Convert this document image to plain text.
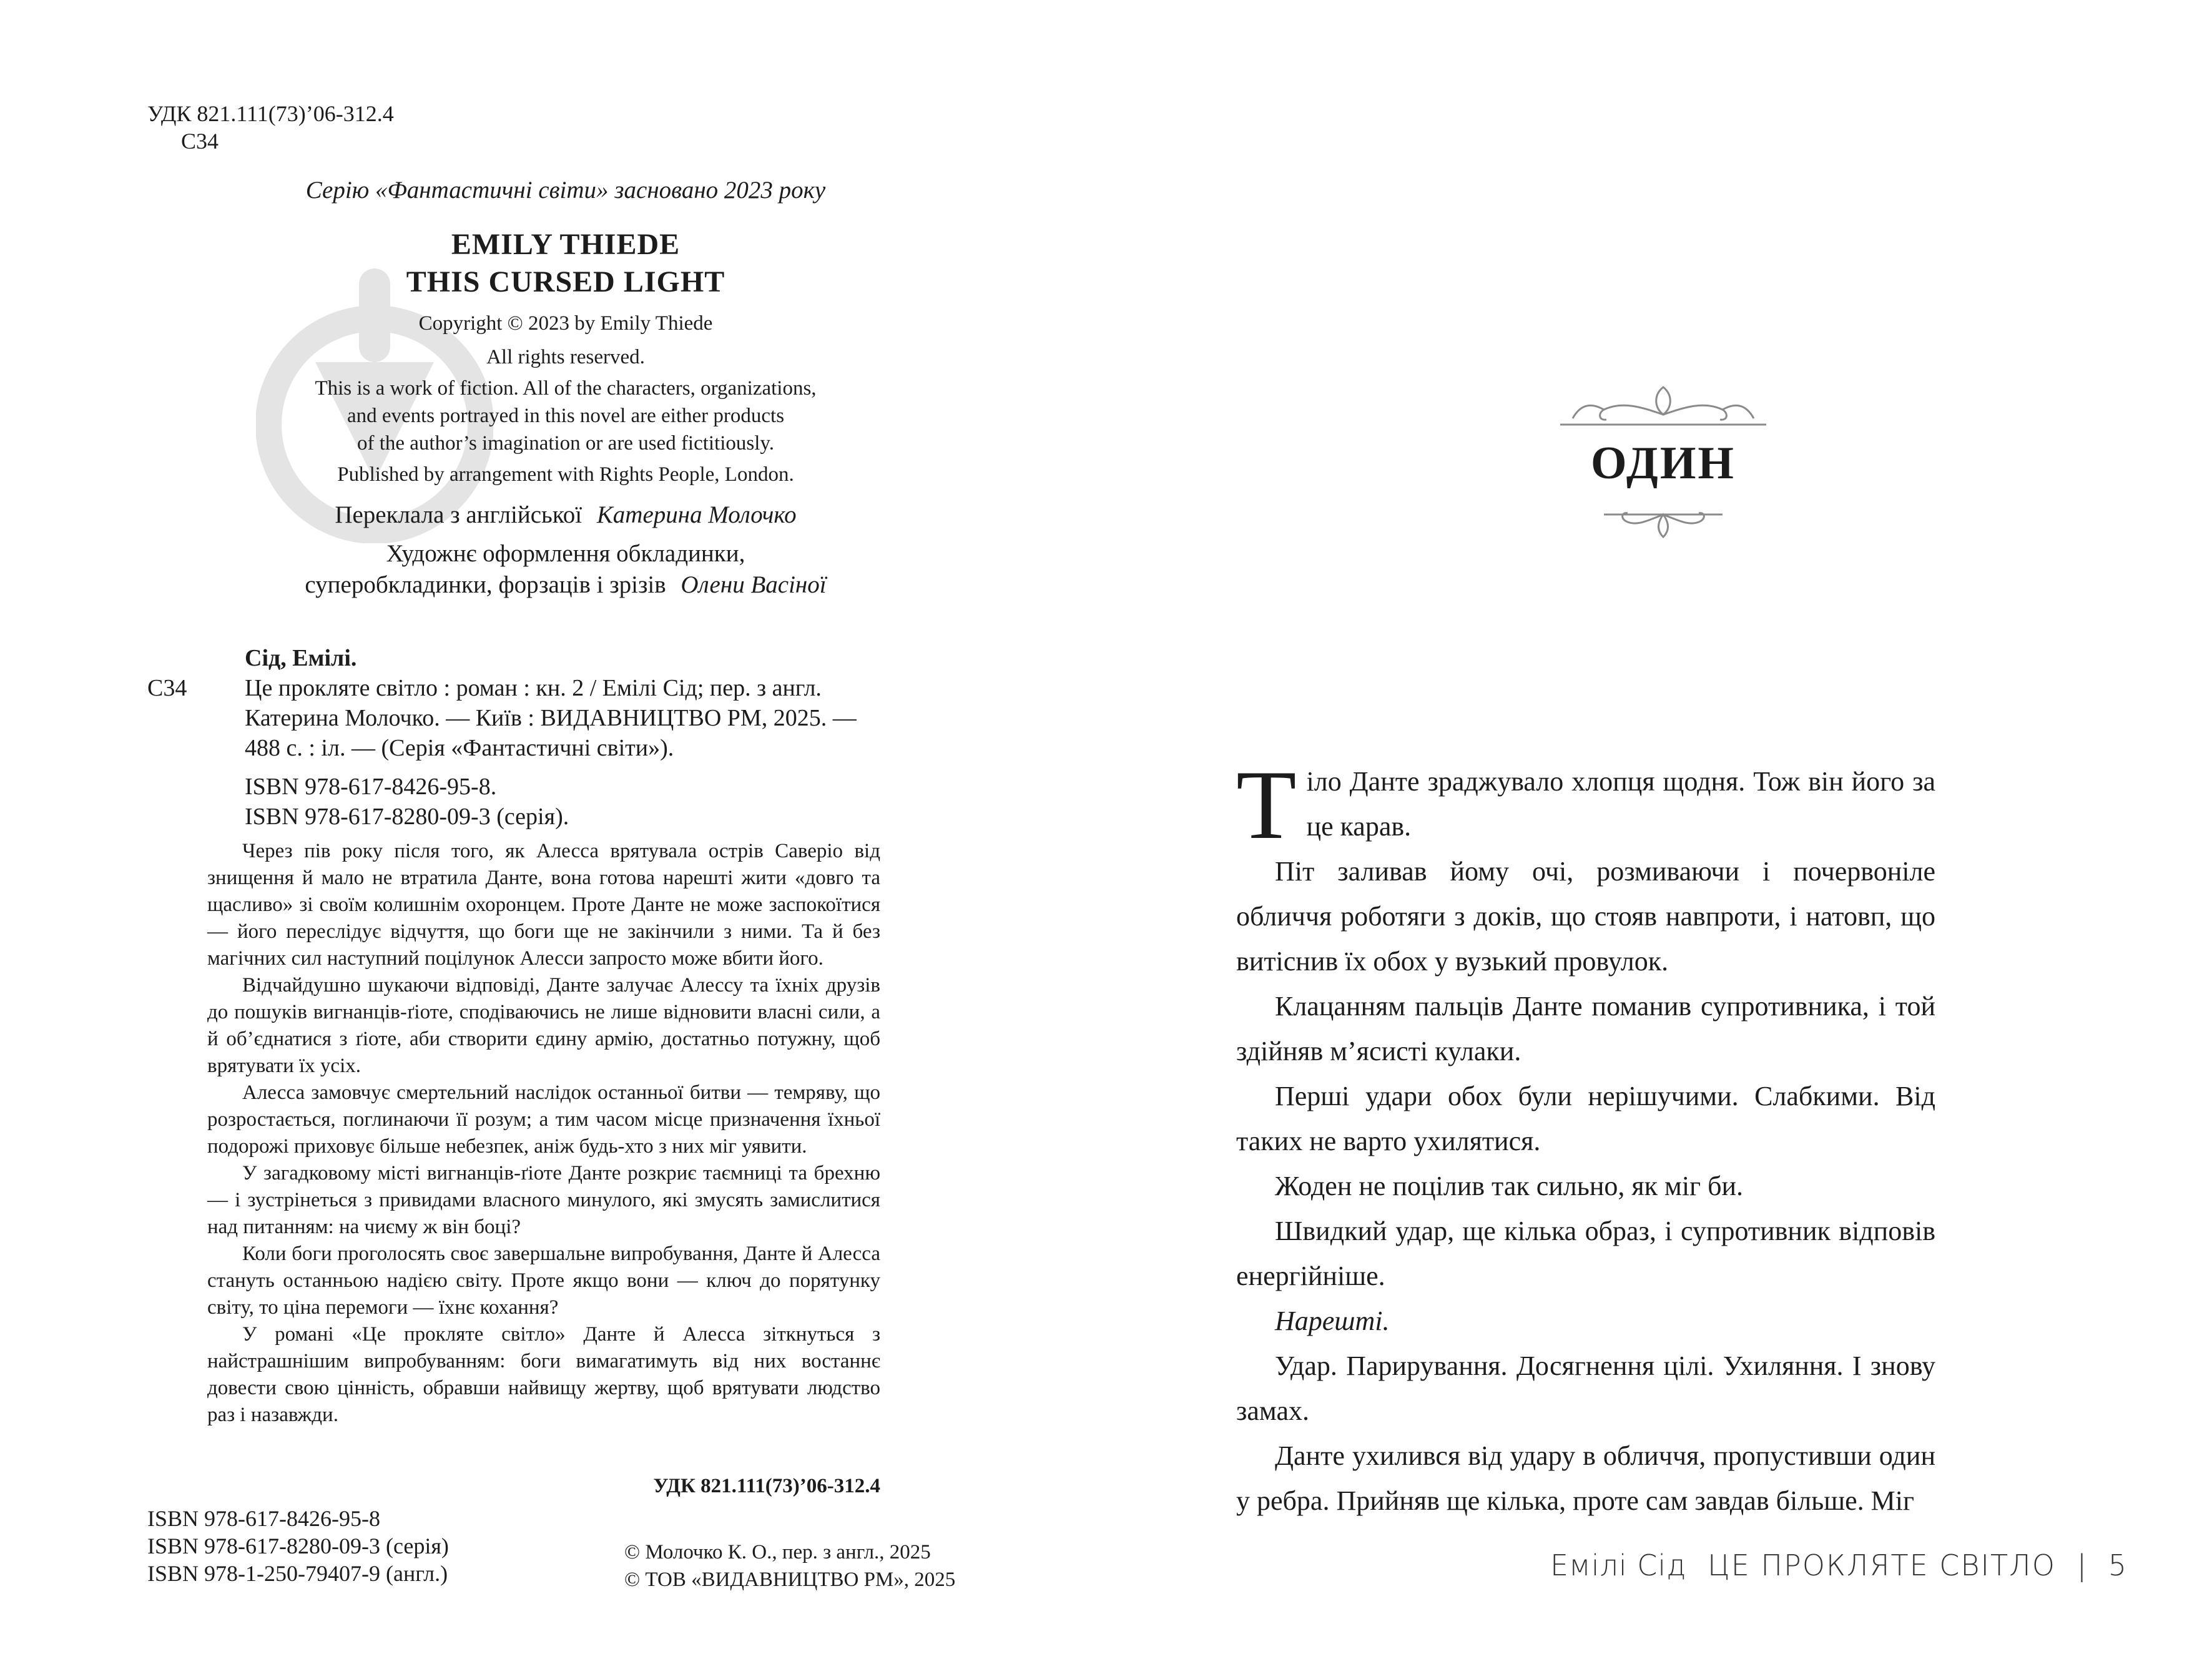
УДК 821.111(73)’06-312.4
С34
Серію «Фантастичні світи» засновано 2023 року
EMILY THIEDE
THIS CURSED LIGHT
Copyright © 2023 by Emily Thiede
All rights reserved.
This is a work of fiction. All of the characters, organizations,
and events portrayed in this novel are either products
of the author’s imagination or are used fictitiously.
Published by arrangement with Rights People, London.
Переклала з англійської Катерина Молочко
Художнє оформлення обкладинки,
суперобкладинки, форзаців і зрізів Олени Васіної
Сід, Емілі.
С34 Це прокляте світло : роман : кн. 2 / Емілі Сід; пер. з англ.
Катерина Молочко. — Київ : ВИДАВНИЦТВО РМ, 2025. —
488 с. : іл. — (Серія «Фантастичні світи»).
ISBN 978-617-8426-95-8.
ISBN 978-617-8280-09-3 (серія).

Через пів року після того, як Алесса врятувала острів Саверіо від знищення й мало не втратила Данте, вона готова нарешті жити «довго та щасливо» зі своїм колишнім охоронцем. Проте Данте не може заспокоїтися — його переслідує відчуття, що боги ще не закінчили з ними. Та й без магічних сил наступний поцілунок Алесси запросто може вбити його.

Відчайдушно шукаючи відповіді, Данте залучає Алессу та їхніх друзів до пошуків вигнанців-ґіоте, сподіваючись не лише відновити власні сили, а й об’єднатися з ґіоте, аби створити єдину армію, достатньо потужну, щоб врятувати їх усіх.

Алесса замовчує смертельний наслідок останньої битви — темряву, що розростається, поглинаючи її розум; а тим часом місце призначення їхньої подорожі приховує більше небезпек, аніж будь-хто з них міг уявити.

У загадковому місті вигнанців-ґіоте Данте розкриє таємниці та брехню — і зустрінеться з привидами власного минулого, які змусять замислитися над питанням: на чиєму ж він боці?

Коли боги проголосять своє завершальне випробування, Данте й Алесса стануть останньою надією світу. Проте якщо вони — ключ до порятунку світу, то ціна перемоги — їхнє кохання?

У романі «Це прокляте світло» Данте й Алесса зіткнуться з найстрашнішим випробуванням: боги вимагатимуть від них востаннє довести свою цінність, обравши найвищу жертву, щоб врятувати людство раз і назавжди.

УДК 821.111(73)’06-312.4
ISBN 978-617-8426-95-8
ISBN 978-617-8280-09-3 (серія)
ISBN 978-1-250-79407-9 (англ.)
© Молочко К. О., пер. з англ., 2025
© ТОВ «ВИДАВНИЦТВО РМ», 2025
ОДИН

Т іло Данте зраджувало хлопця щодня. Тож він його за це карав.

Піт заливав йому очі, розмиваючи і почервоніле обличчя роботяги з доків, що стояв навпроти, і натовп, що витіснив їх обох у вузький провулок.

Клацанням пальців Данте поманив супротивника, і той здійняв м’ясисті кулаки.

Перші удари обох були нерішучими. Слабкими. Від таких не варто ухилятися.

Жоден не поцілив так сильно, як міг би.

Швидкий удар, ще кілька образ, і супротивник відповів енергійніше.

Нарешті.

Удар. Парирування. Досягнення цілі. Ухиляння. І знову замах.

Данте ухилився від удару в обличчя, пропустивши один у ребра. Прийняв ще кілька, проте сам завдав більше. Міг

Емілі Сід ЦЕ ПРОКЛЯТЕ СВІТЛО | 5
